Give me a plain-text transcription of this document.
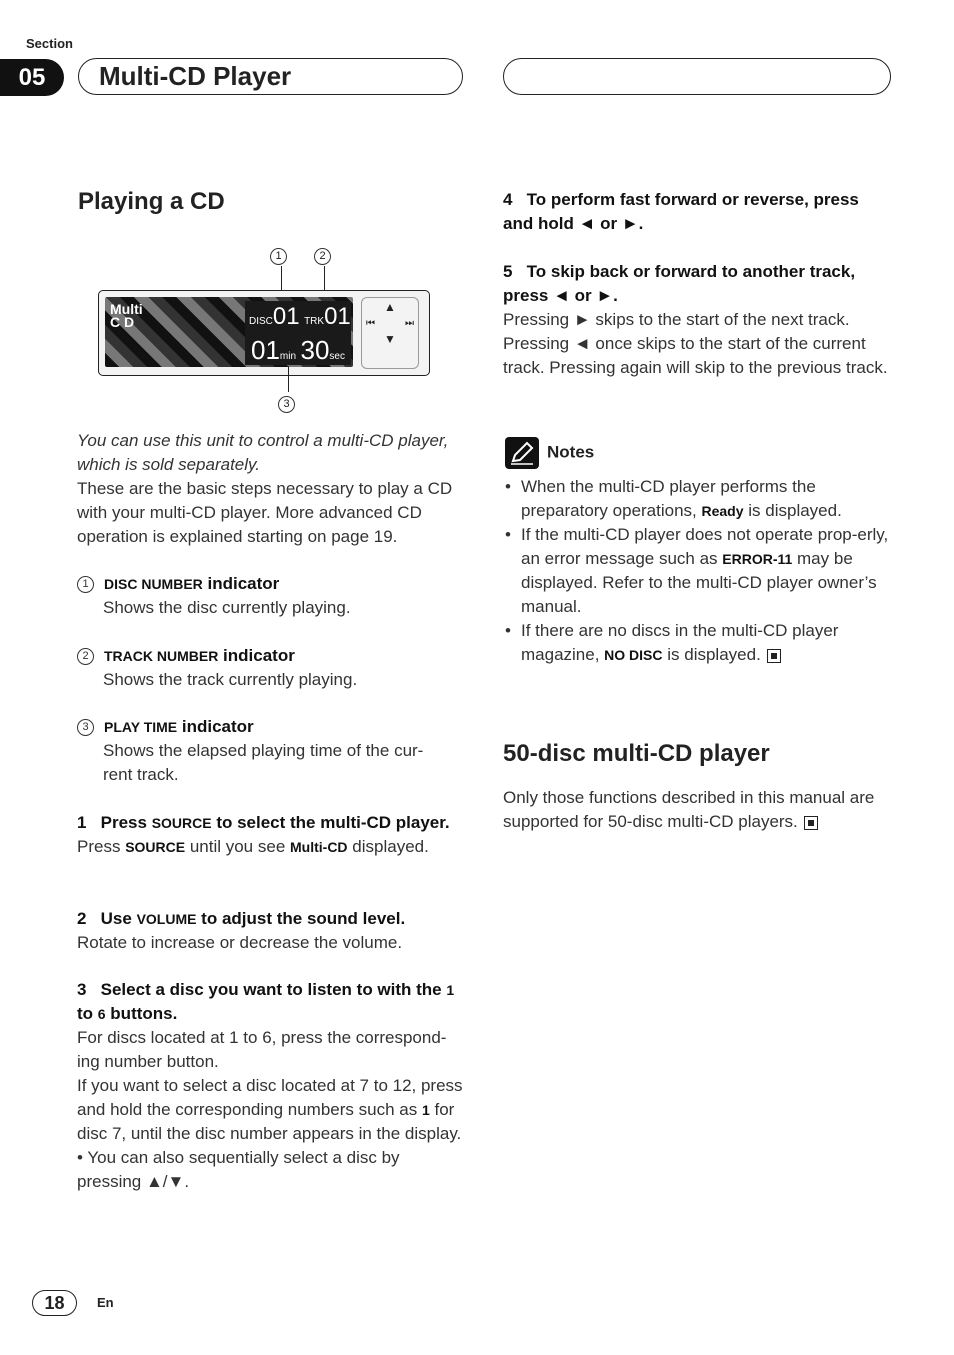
Section
05	Multi-CD Player
Playing a CD
1	2
Multi
C D	DISC01 TRK01
01min 30sec
⏮	⏭
▲
▼
3
You can use this unit to control a multi-CD player, which is sold separately.
These are the basic steps necessary to play a CD with your multi-CD player. More advanced CD operation is explained starting on page 19.
1 DISC NUMBER indicator
Shows the disc currently playing.
2 TRACK NUMBER indicator
Shows the track currently playing.
3 PLAY TIME indicator
Shows the elapsed playing time of the cur-rent track.
1 Press SOURCE to select the multi-CD player.
Press SOURCE until you see Multi-CD displayed.
2 Use VOLUME to adjust the sound level.
Rotate to increase or decrease the volume.
3 Select a disc you want to listen to with the 1 to 6 buttons.
For discs located at 1 to 6, press the correspond-ing number button.
If you want to select a disc located at 7 to 12, press and hold the corresponding numbers such as 1 for disc 7, until the disc number appears in the display.
• You can also sequentially select a disc by pressing ▲/▼.
4 To perform fast forward or reverse, press and hold ◄ or ►.
5 To skip back or forward to another track, press ◄ or ►.
Pressing ► skips to the start of the next track. Pressing ◄ once skips to the start of the current track. Pressing again will skip to the previous track.
Notes
• When the multi-CD player performs the preparatory operations, Ready is displayed.
• If the multi-CD player does not operate prop-erly, an error message such as ERROR-11 may be displayed. Refer to the multi-CD player owner’s manual.
• If there are no discs in the multi-CD player magazine, NO DISC is displayed.
50-disc multi-CD player
Only those functions described in this manual are supported for 50-disc multi-CD players.
18	En
